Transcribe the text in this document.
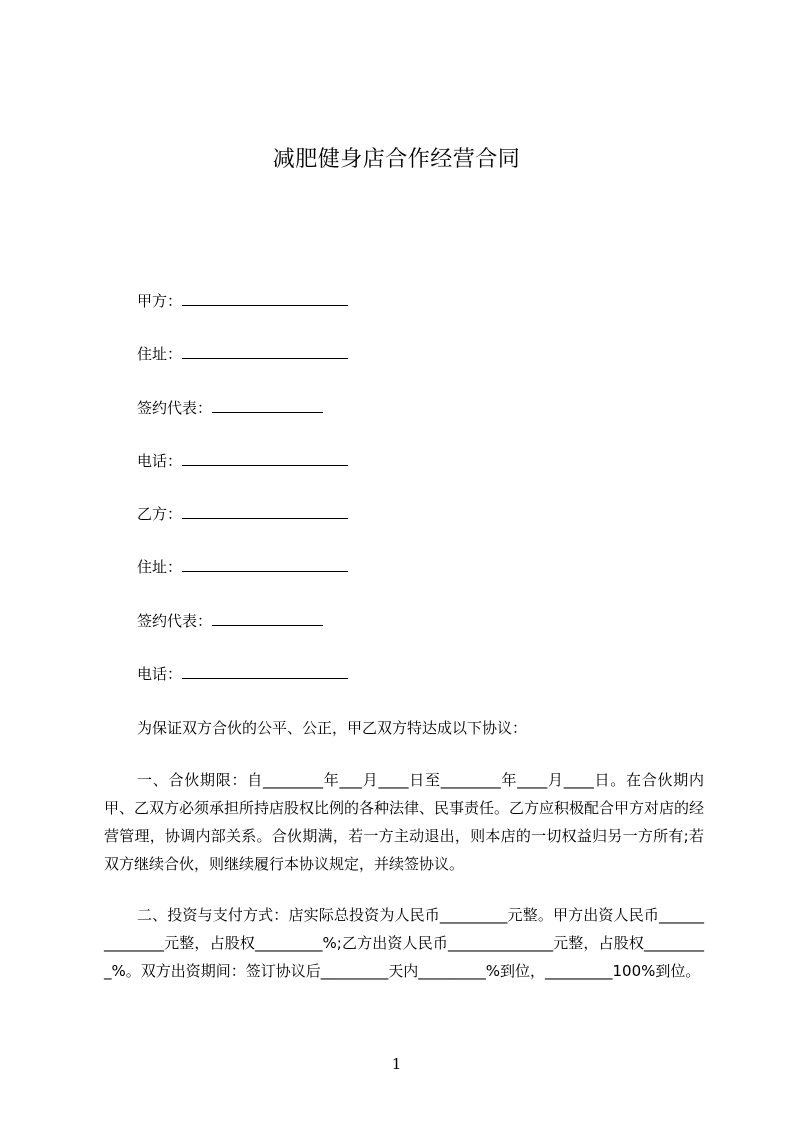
减肥健身店合作经营合同
甲方：
住址：
签约代表：
电话：
乙方：
住址：
签约代表：
电话：
为保证双方合伙的公平、公正，甲乙双方特达成以下协议：
一、合伙期限：自________年___月____日至________年____月____日。在合伙期内甲、乙双方必须承担所持店股权比例的各种法律、民事责任。乙方应积极配合甲方对店的经营管理，协调内部关系。合伙期满，若一方主动退出，则本店的一切权益归另一方所有;若双方继续合伙，则继续履行本协议规定，并续签协议。
二、投资与支付方式：店实际总投资为人民币_________元整。甲方出资人民币______________元整，占股权_________%;乙方出资人民币______________元整，占股权_________%。双方出资期间：签订协议后_________天内_________%到位，_________100%到位。
1
